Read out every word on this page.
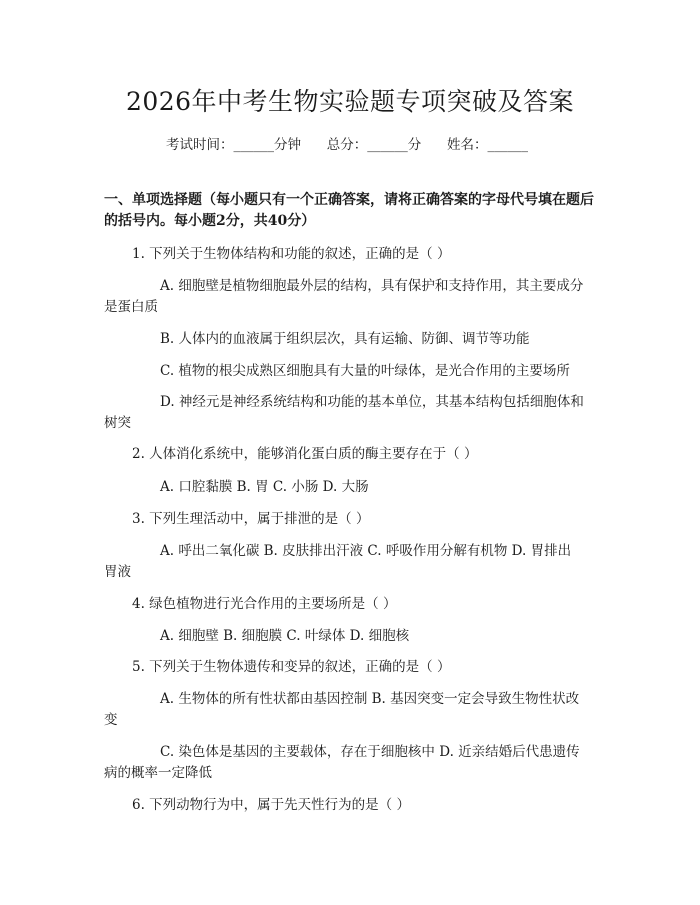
2026年中考生物实验题专项突破及答案
考试时间：______分钟      总分：______分      姓名：______
一、单项选择题（每小题只有一个正确答案，请将正确答案的字母代号填在题后
的括号内。每小题2分，共40分）
1. 下列关于生物体结构和功能的叙述，正确的是（ ）
A. 细胞壁是植物细胞最外层的结构，具有保护和支持作用，其主要成分
是蛋白质
B. 人体内的血液属于组织层次，具有运输、防御、调节等功能
C. 植物的根尖成熟区细胞具有大量的叶绿体，是光合作用的主要场所
D. 神经元是神经系统结构和功能的基本单位，其基本结构包括细胞体和
树突
2. 人体消化系统中，能够消化蛋白质的酶主要存在于（ ）
A. 口腔黏膜 B. 胃 C. 小肠 D. 大肠
3. 下列生理活动中，属于排泄的是（ ）
A. 呼出二氧化碳 B. 皮肤排出汗液 C. 呼吸作用分解有机物 D. 胃排出
胃液
4. 绿色植物进行光合作用的主要场所是（ ）
A. 细胞壁 B. 细胞膜 C. 叶绿体 D. 细胞核
5. 下列关于生物体遗传和变异的叙述，正确的是（ ）
A. 生物体的所有性状都由基因控制 B. 基因突变一定会导致生物性状改
变
C. 染色体是基因的主要载体，存在于细胞核中 D. 近亲结婚后代患遗传
病的概率一定降低
6. 下列动物行为中，属于先天性行为的是（ ）
